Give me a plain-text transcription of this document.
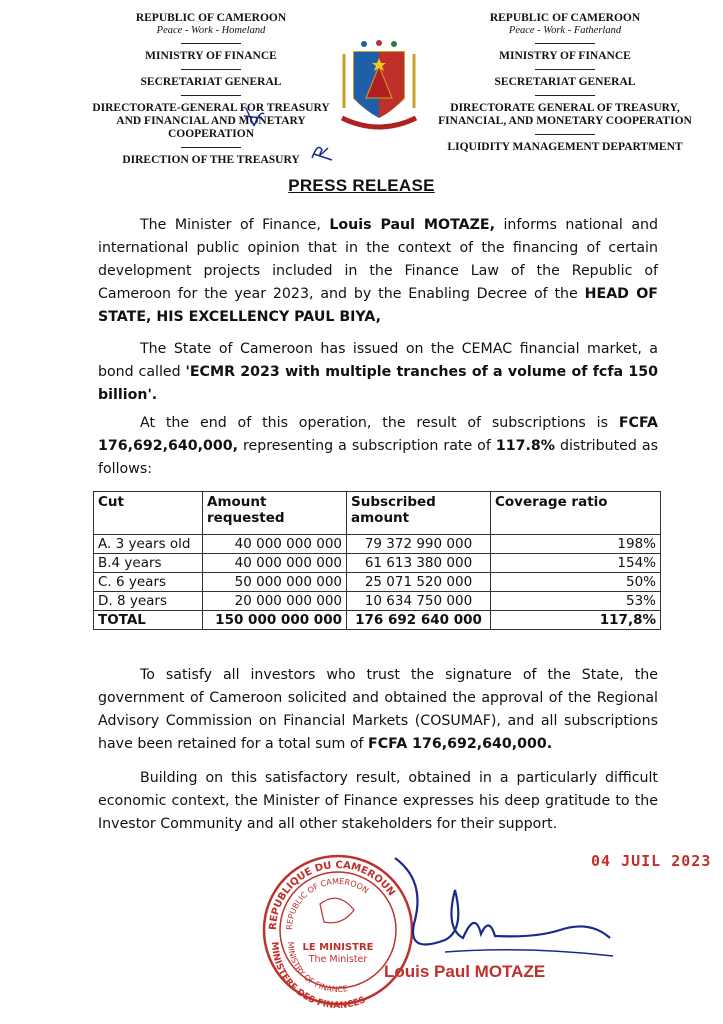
REPUBLIC OF CAMEROON
Peace - Work - Homeland
MINISTRY OF FINANCE
SECRETARIAT GENERAL
DIRECTORATE-GENERAL FOR TREASURY
AND FINANCIAL AND MONETARY
COOPERATION
DIRECTION OF THE TREASURY
REPUBLIC OF CAMEROON
Peace - Work - Fatherland
MINISTRY OF FINANCE
SECRETARIAT GENERAL
DIRECTORATE GENERAL OF TREASURY,
FINANCIAL, AND MONETARY COOPERATION
LIQUIDITY MANAGEMENT DEPARTMENT
PRESS RELEASE
The Minister of Finance, Louis Paul MOTAZE, informs national and international public opinion that in the context of the financing of certain development projects included in the Finance Law of the Republic of Cameroon for the year 2023, and by the Enabling Decree of the HEAD OF STATE, HIS EXCELLENCY PAUL BIYA,
The State of Cameroon has issued on the CEMAC financial market, a bond called 'ECMR 2023 with multiple tranches of a volume of fcfa 150 billion'.
At the end of this operation, the result of subscriptions is FCFA 176,692,640,000, representing a subscription rate of 117.8% distributed as follows:
Cut	Amount requested	Subscribed amount	Coverage ratio
A. 3 years old	40 000 000 000	79 372 990 000	198%
B.4 years	40 000 000 000	61 613 380 000	154%
C. 6 years	50 000 000 000	25 071 520 000	50%
D. 8 years	20 000 000 000	10 634 750 000	53%
TOTAL	150 000 000 000	176 692 640 000	117,8%
To satisfy all investors who trust the signature of the State, the government of Cameroon solicited and obtained the approval of the Regional Advisory Commission on Financial Markets (COSUMAF), and all subscriptions have been retained for a total sum of FCFA 176,692,640,000.
Building on this satisfactory result, obtained in a particularly difficult economic context, the Minister of Finance expresses his deep gratitude to the Investor Community and all other stakeholders for their support.
04 JUIL 2023
REPUBLIQUE DU CAMEROUN
REPUBLIC OF CAMEROON
MINISTRY OF FINANCE
MINISTERE DES FINANCES
LE MINISTRE
The Minister
Louis Paul MOTAZE
